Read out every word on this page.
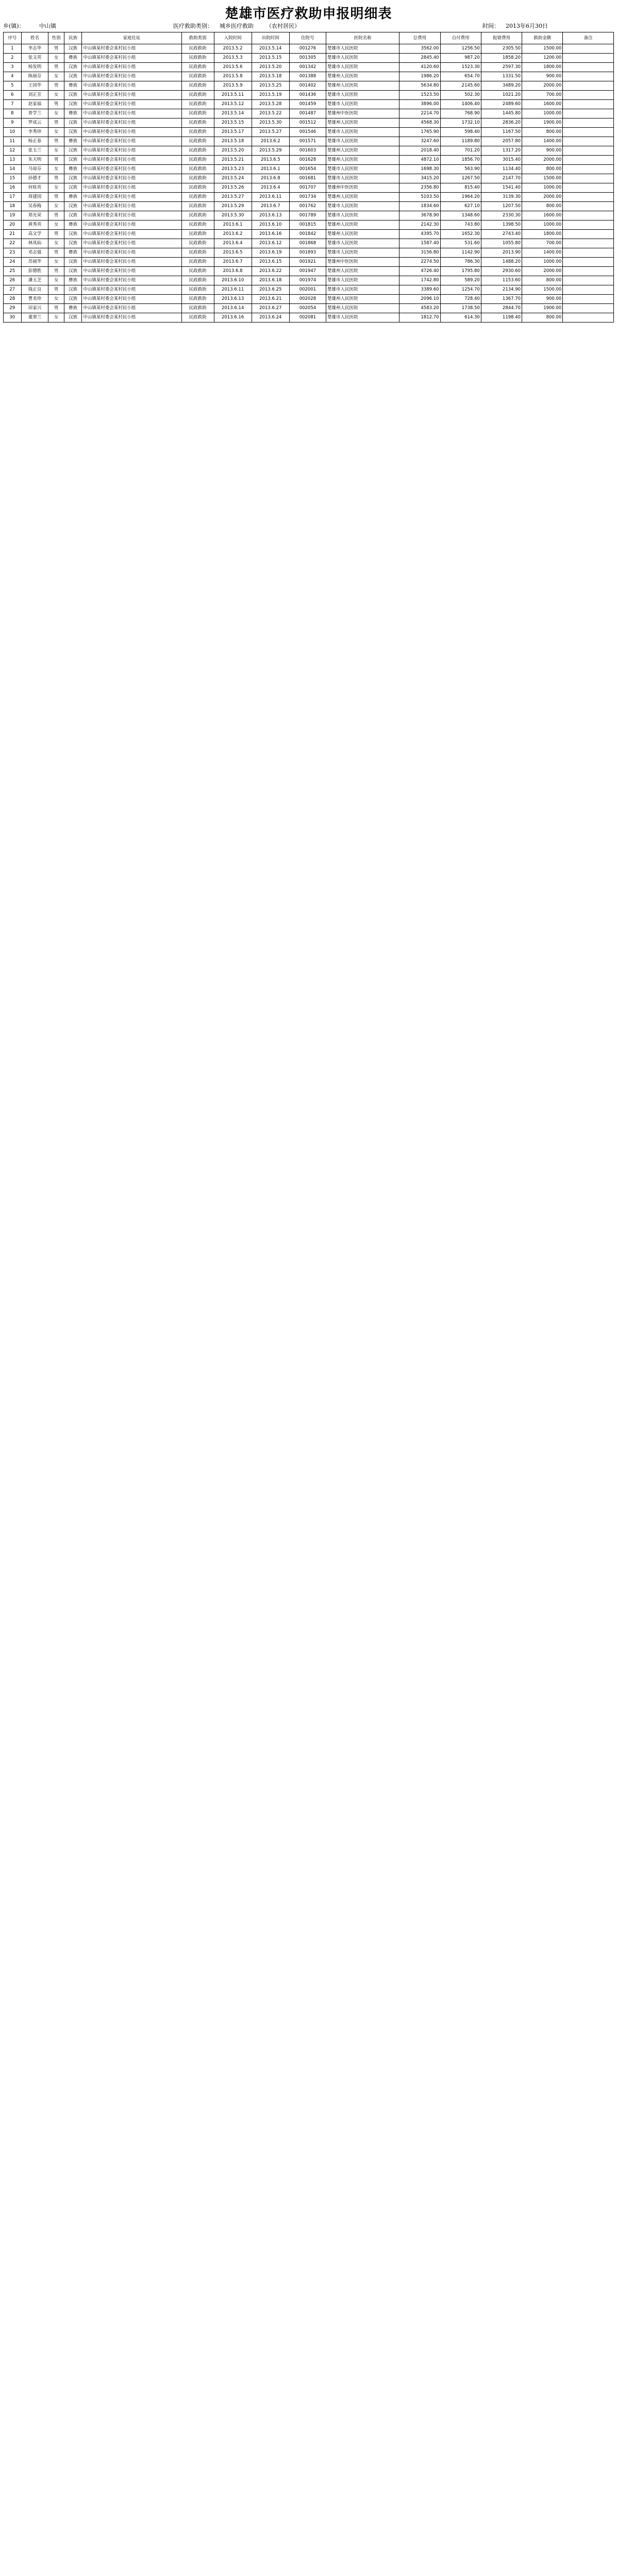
楚雄市医疗救助申报明细表
乡(镇)：	中山镇	医疗救助类别： 城乡医疗救助 （农村居民）	时间： 2013年6月30日
序号	姓名	性别	民族	家庭住址	救助类别	入院时间	出院时间	住院号	医院名称	总费用	自付费用	报销费用	救助金额	备注
1	李志华	男	汉族	中山镇某村委会某村民小组	民政救助	2013.5.2	2013.5.14	001276	楚雄市人民医院	3562.00	1256.50	2305.50	1500.00	
2	张文英	女	彝族	中山镇某村委会某村民小组	民政救助	2013.5.3	2013.5.15	001305	楚雄市人民医院	2845.40	987.20	1858.20	1200.00	
3	杨发明	男	汉族	中山镇某村委会某村民小组	民政救助	2013.5.6	2013.5.20	001342	楚雄市人民医院	4120.60	1523.30	2597.30	1800.00	
4	陈丽芬	女	汉族	中山镇某村委会某村民小组	民政救助	2013.5.8	2013.5.18	001388	楚雄州人民医院	1986.20	654.70	1331.50	900.00	
5	王国华	男	彝族	中山镇某村委会某村民小组	民政救助	2013.5.9	2013.5.25	001402	楚雄州人民医院	5634.80	2145.60	3489.20	2000.00	
6	刘正芳	女	汉族	中山镇某村委会某村民小组	民政救助	2013.5.11	2013.5.19	001436	楚雄市人民医院	1523.50	502.30	1021.20	700.00	
7	赵家福	男	汉族	中山镇某村委会某村民小组	民政救助	2013.5.12	2013.5.28	001459	楚雄市人民医院	3896.00	1406.40	2489.60	1600.00	
8	普学兰	女	彝族	中山镇某村委会某村民小组	民政救助	2013.5.14	2013.5.22	001487	楚雄州中医医院	2214.70	768.90	1445.80	1000.00	
9	罗成云	男	汉族	中山镇某村委会某村民小组	民政救助	2013.5.15	2013.5.30	001512	楚雄州人民医院	4568.30	1732.10	2836.20	1900.00	
10	李秀珍	女	汉族	中山镇某村委会某村民小组	民政救助	2013.5.17	2013.5.27	001546	楚雄市人民医院	1765.90	598.40	1167.50	800.00	
11	杨正春	男	彝族	中山镇某村委会某村民小组	民政救助	2013.5.18	2013.6.2	001571	楚雄市人民医院	3247.60	1189.80	2057.80	1400.00	
12	张玉兰	女	汉族	中山镇某村委会某村民小组	民政救助	2013.5.20	2013.5.29	001603	楚雄州人民医院	2018.40	701.20	1317.20	900.00	
13	朱天明	男	汉族	中山镇某村委会某村民小组	民政救助	2013.5.21	2013.6.5	001628	楚雄州人民医院	4872.10	1856.70	3015.40	2000.00	
14	马琼芬	女	彝族	中山镇某村委会某村民小组	民政救助	2013.5.23	2013.6.1	001654	楚雄市人民医院	1698.30	563.90	1134.40	800.00	
15	孙德才	男	汉族	中山镇某村委会某村民小组	民政救助	2013.5.24	2013.6.8	001681	楚雄市人民医院	3415.20	1267.50	2147.70	1500.00	
16	何桂英	女	汉族	中山镇某村委会某村民小组	民政救助	2013.5.26	2013.6.4	001707	楚雄州中医医院	2356.80	815.40	1541.40	1000.00	
17	周建国	男	彝族	中山镇某村委会某村民小组	民政救助	2013.5.27	2013.6.11	001734	楚雄州人民医院	5103.50	1964.20	3139.30	2000.00	
18	吴春梅	女	汉族	中山镇某村委会某村民小组	民政救助	2013.5.29	2013.6.7	001762	楚雄市人民医院	1834.60	627.10	1207.50	800.00	
19	郑光荣	男	汉族	中山镇某村委会某村民小组	民政救助	2013.5.30	2013.6.13	001789	楚雄市人民医院	3678.90	1348.60	2330.30	1600.00	
20	黄秀英	女	彝族	中山镇某村委会某村民小组	民政救助	2013.6.1	2013.6.10	001815	楚雄州人民医院	2142.30	743.80	1398.50	1000.00	
21	高文学	男	汉族	中山镇某村委会某村民小组	民政救助	2013.6.2	2013.6.16	001842	楚雄州人民医院	4395.70	1652.30	2743.40	1800.00	
22	林凤仙	女	汉族	中山镇某村委会某村民小组	民政救助	2013.6.4	2013.6.12	001868	楚雄市人民医院	1587.40	531.60	1055.80	700.00	
23	邓志强	男	彝族	中山镇某村委会某村民小组	民政救助	2013.6.5	2013.6.19	001893	楚雄市人民医院	3156.80	1142.90	2013.90	1400.00	
24	苏丽华	女	汉族	中山镇某村委会某村民小组	民政救助	2013.6.7	2013.6.15	001921	楚雄州中医医院	2274.50	786.30	1488.20	1000.00	
25	彭德胜	男	汉族	中山镇某村委会某村民小组	民政救助	2013.6.8	2013.6.22	001947	楚雄州人民医院	4726.40	1795.80	2930.60	2000.00	
26	潘玉芝	女	彝族	中山镇某村委会某村民小组	民政救助	2013.6.10	2013.6.18	001974	楚雄市人民医院	1742.80	589.20	1153.60	800.00	
27	钱正良	男	汉族	中山镇某村委会某村民小组	民政救助	2013.6.11	2013.6.25	002001	楚雄市人民医院	3389.60	1254.70	2134.90	1500.00	
28	曹美珍	女	汉族	中山镇某村委会某村民小组	民政救助	2013.6.13	2013.6.21	002028	楚雄州人民医院	2096.10	728.40	1367.70	900.00	
29	田家兴	男	彝族	中山镇某村委会某村民小组	民政救助	2013.6.14	2013.6.27	002054	楚雄州人民医院	4583.20	1738.50	2844.70	1900.00	
30	董翠兰	女	汉族	中山镇某村委会某村民小组	民政救助	2013.6.16	2013.6.24	002081	楚雄市人民医院	1812.70	614.30	1198.40	800.00	
